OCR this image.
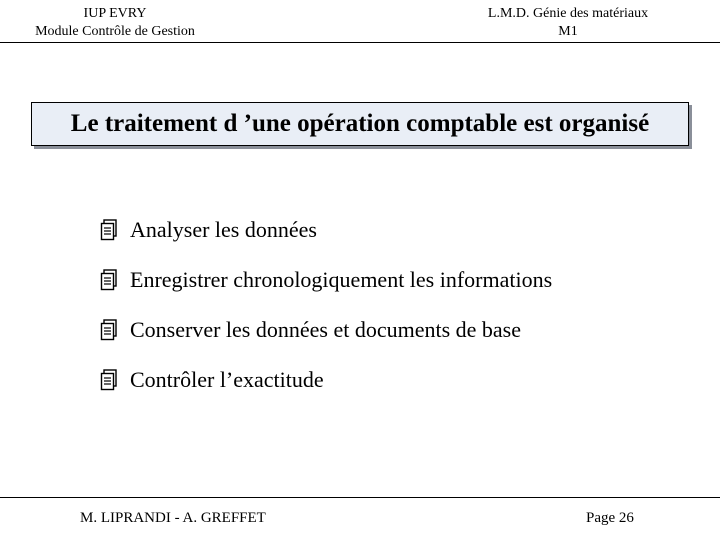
IUP EVRY
Module Contrôle de Gestion
L.M.D. Génie des matériaux
M1
Le traitement d ’une opération comptable est organisé
Analyser les données
Enregistrer chronologiquement les informations
Conserver les données et documents de base
Contrôler l’exactitude
M. LIPRANDI - A. GREFFET	Page 26
